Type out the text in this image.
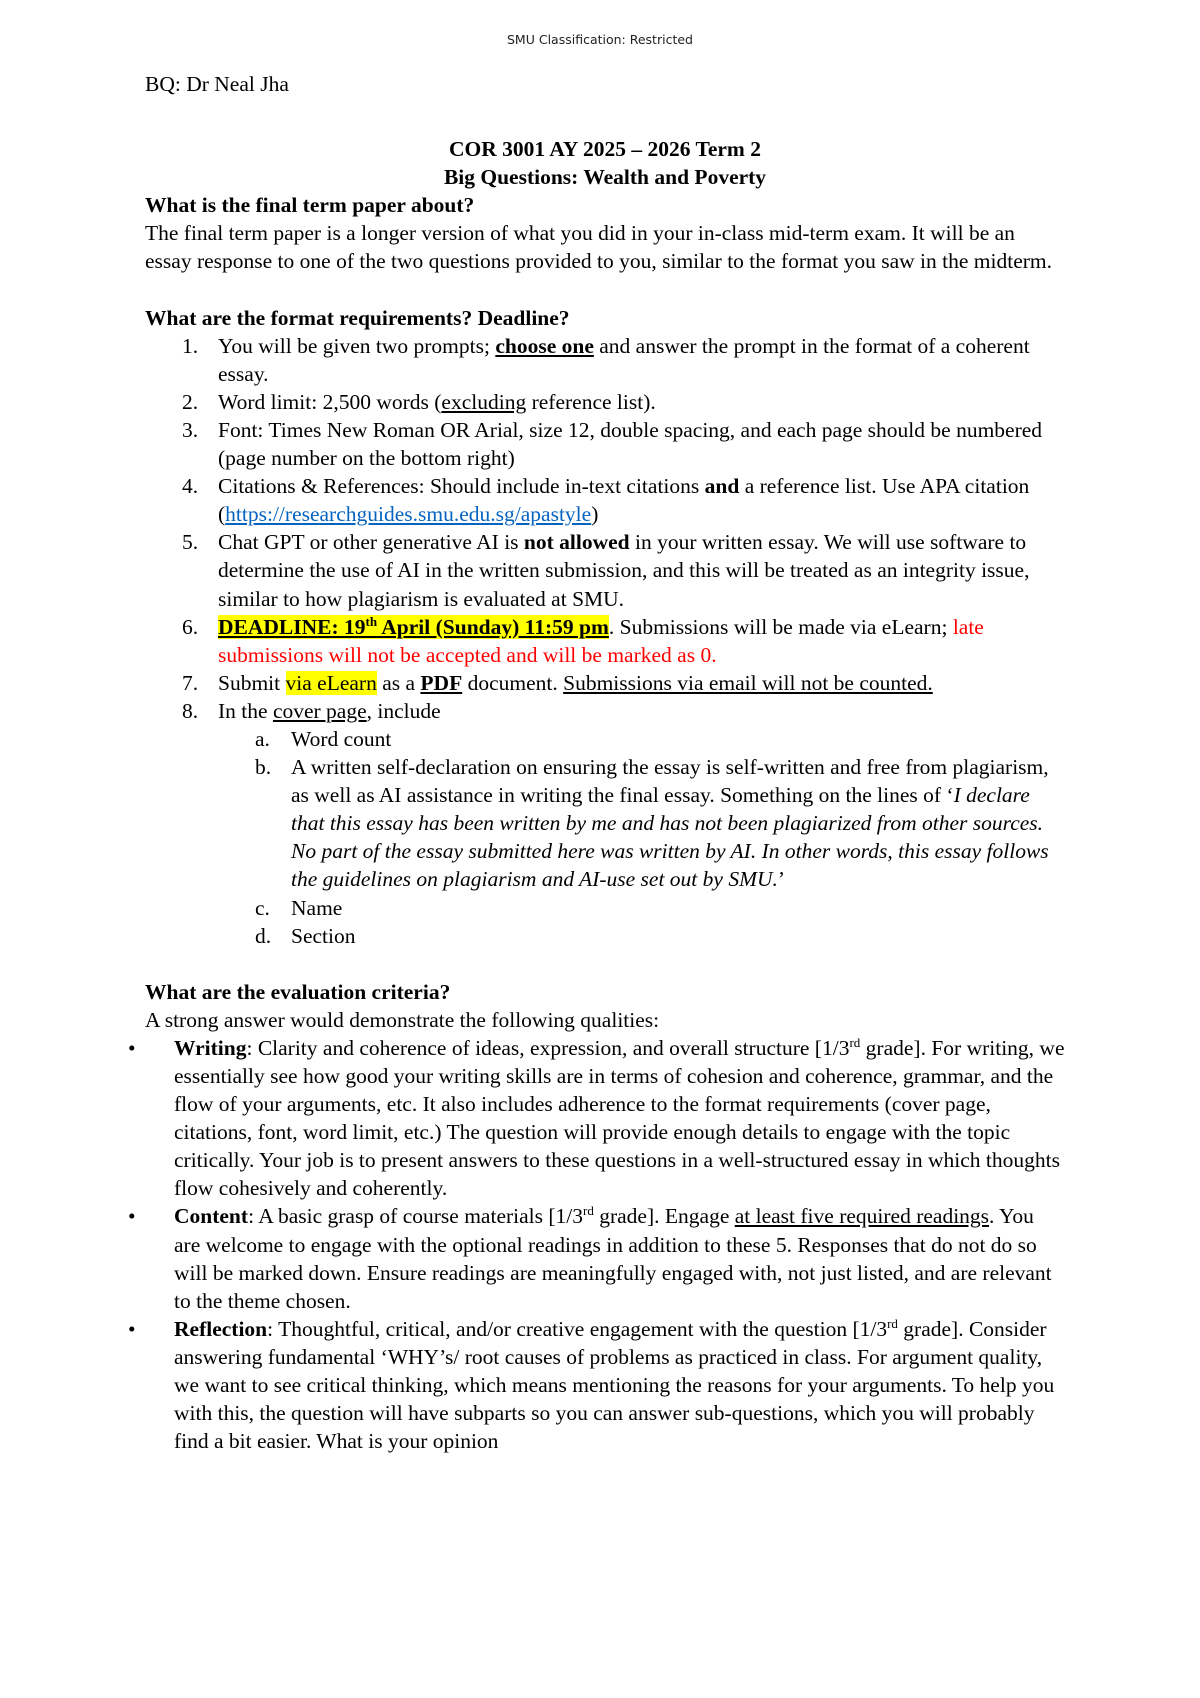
SMU Classification: Restricted

BQ: Dr Neal Jha

COR 3001 AY 2025 – 2026 Term 2

Big Questions: Wealth and Poverty

What is the final term paper about?

The final term paper is a longer version of what you did in your in-class mid-term exam. It will be an essay response to one of the two questions provided to you, similar to the format you saw in the midterm.

What are the format requirements? Deadline?

1. You will be given two prompts; choose one and answer the prompt in the format of a coherent essay.
2. Word limit: 2,500 words (excluding reference list).
3. Font: Times New Roman OR Arial, size 12, double spacing, and each page should be numbered (page number on the bottom right)
4. Citations & References: Should include in-text citations and a reference list. Use APA citation (https://researchguides.smu.edu.sg/apastyle)
5. Chat GPT or other generative AI is not allowed in your written essay. We will use software to determine the use of AI in the written submission, and this will be treated as an integrity issue, similar to how plagiarism is evaluated at SMU.
6. DEADLINE: 19th April (Sunday) 11:59 pm. Submissions will be made via eLearn; late submissions will not be accepted and will be marked as 0.
7. Submit via eLearn as a PDF document. Submissions via email will not be counted.
8. In the cover page, include
a. Word count
b. A written self-declaration on ensuring the essay is self-written and free from plagiarism, as well as AI assistance in writing the final essay. Something on the lines of ‘I declare that this essay has been written by me and has not been plagiarized from other sources. No part of the essay submitted here was written by AI. In other words, this essay follows the guidelines on plagiarism and AI-use set out by SMU.’
c. Name
d. Section

What are the evaluation criteria?

A strong answer would demonstrate the following qualities:

• Writing: Clarity and coherence of ideas, expression, and overall structure [1/3rd grade]. For writing, we essentially see how good your writing skills are in terms of cohesion and coherence, grammar, and the flow of your arguments, etc. It also includes adherence to the format requirements (cover page, citations, font, word limit, etc.) The question will provide enough details to engage with the topic critically. Your job is to present answers to these questions in a well-structured essay in which thoughts flow cohesively and coherently.
• Content: A basic grasp of course materials [1/3rd grade]. Engage at least five required readings. You are welcome to engage with the optional readings in addition to these 5. Responses that do not do so will be marked down. Ensure readings are meaningfully engaged with, not just listed, and are relevant to the theme chosen.
• Reflection: Thoughtful, critical, and/or creative engagement with the question [1/3rd grade]. Consider answering fundamental ‘WHY’s/ root causes of problems as practiced in class. For argument quality, we want to see critical thinking, which means mentioning the reasons for your arguments. To help you with this, the question will have subparts so you can answer sub-questions, which you will probably find a bit easier. What is your opinion
